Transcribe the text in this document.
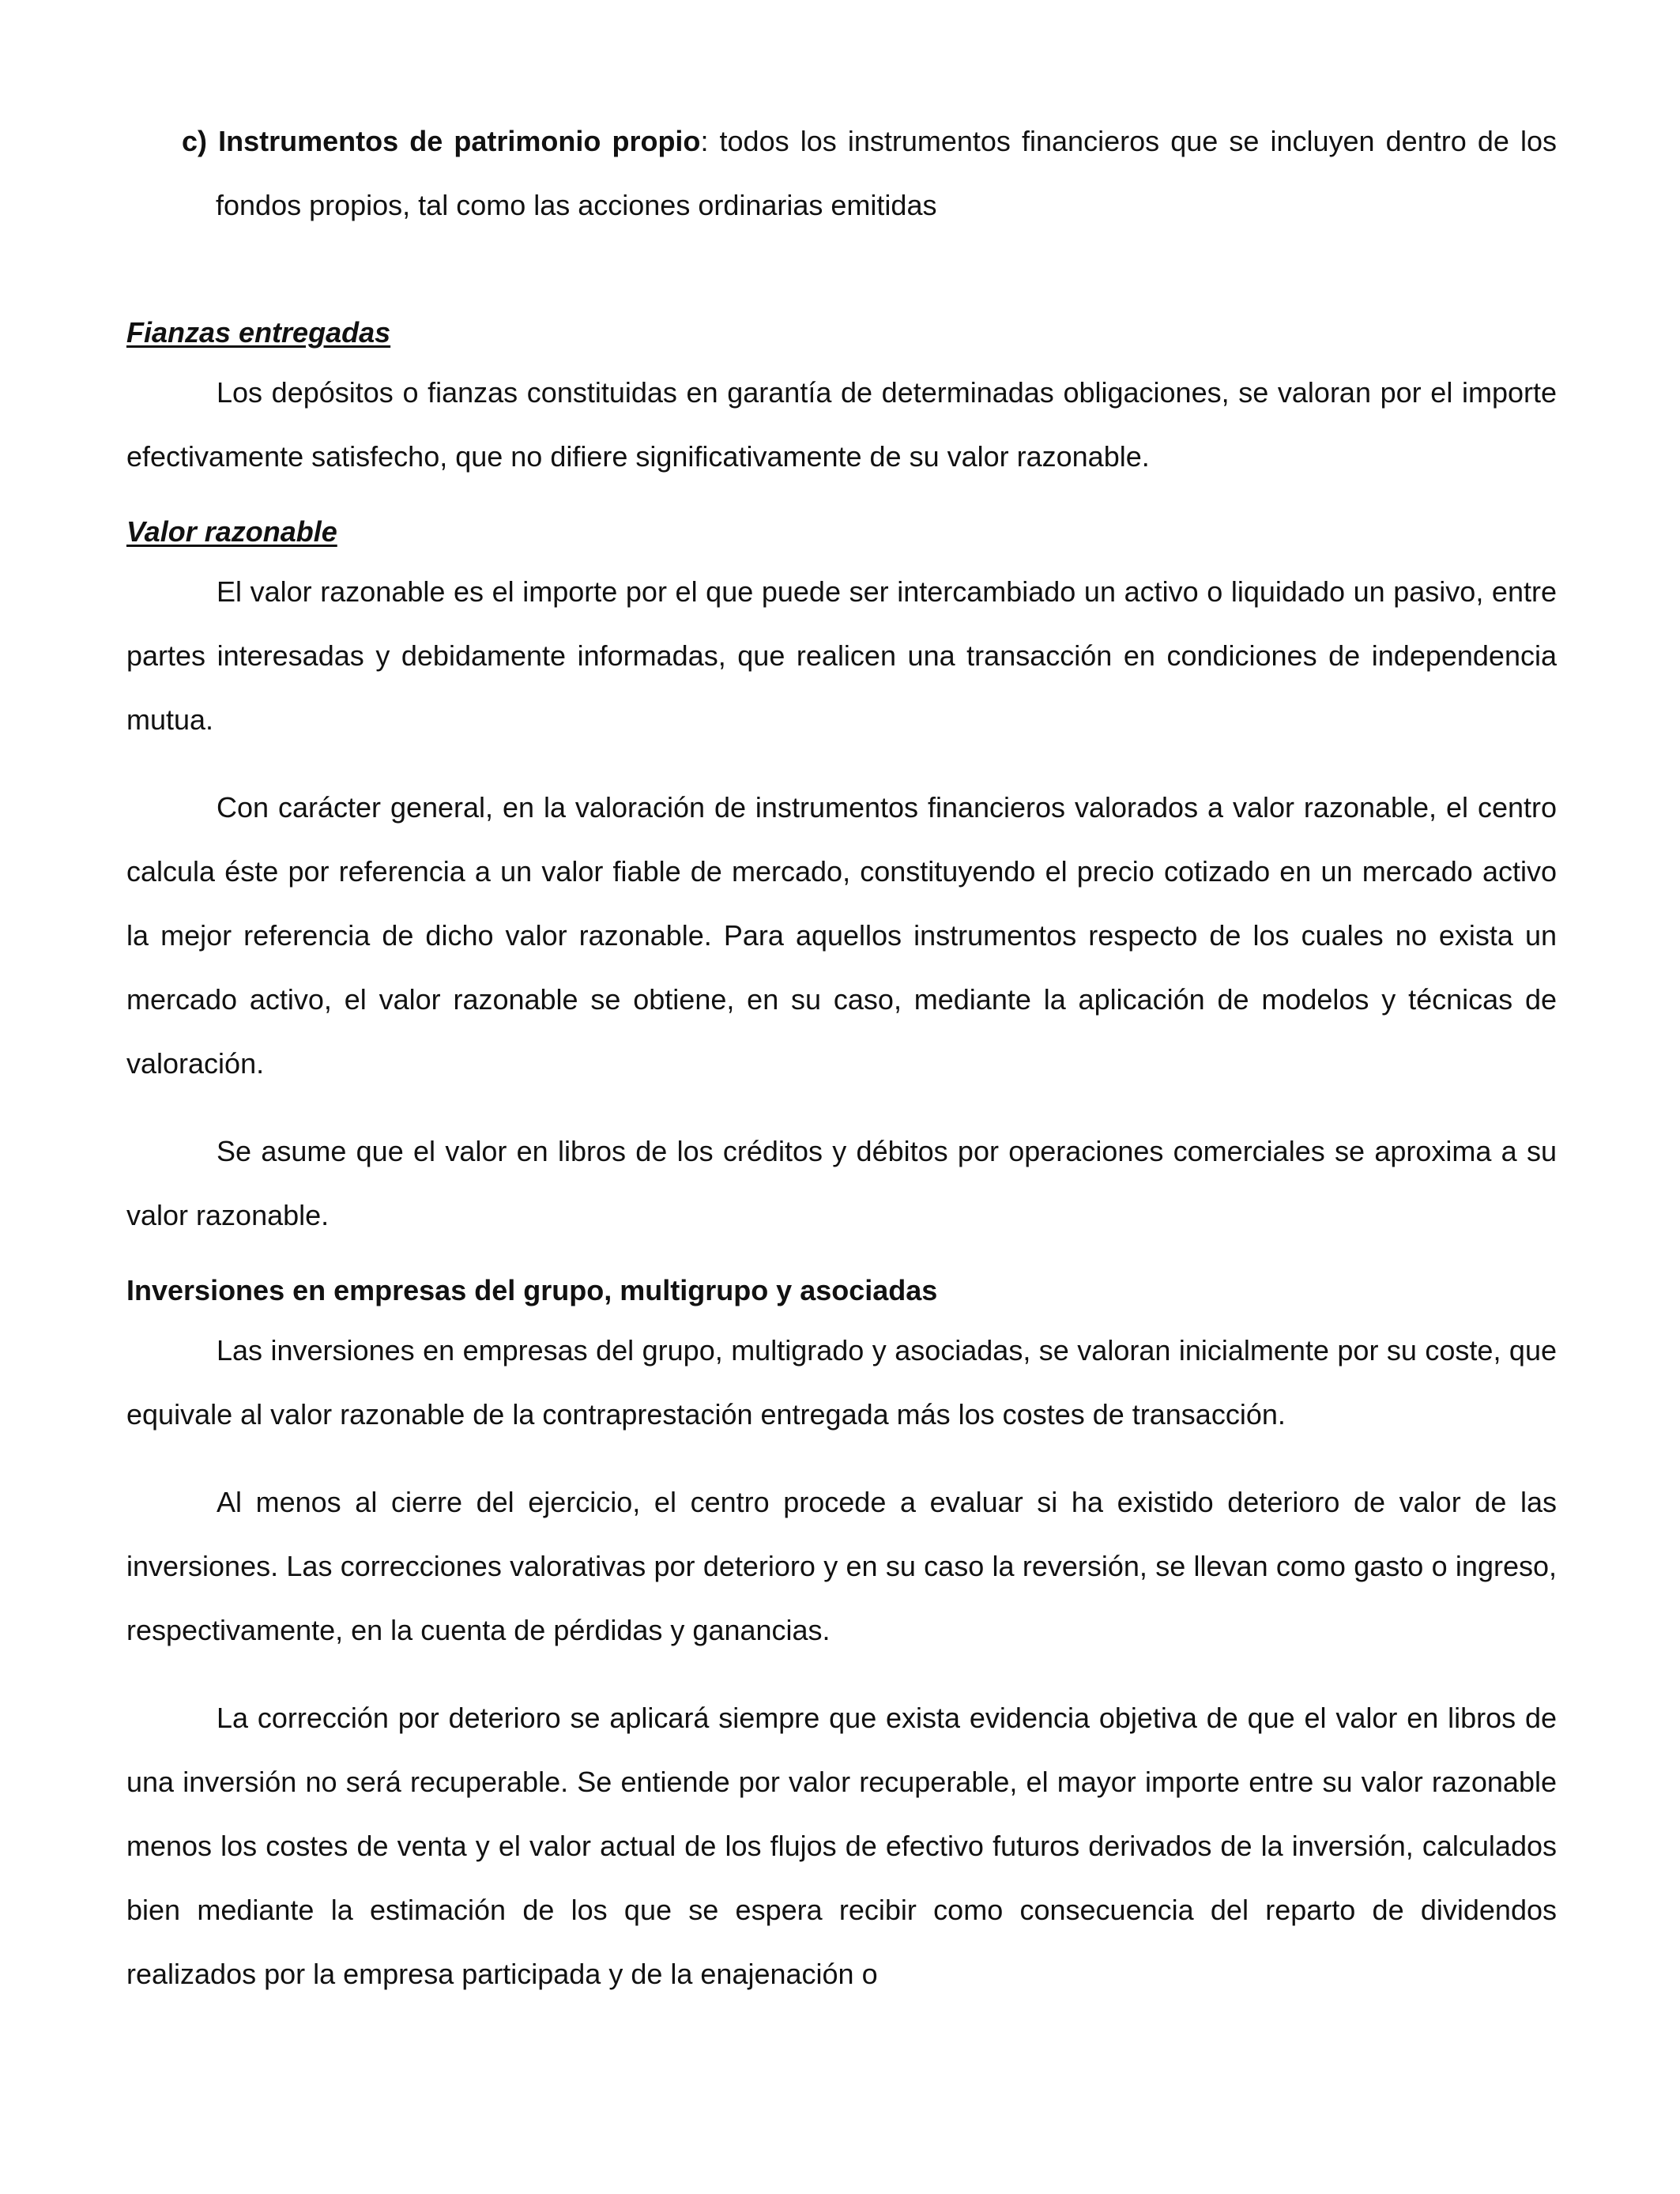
c) Instrumentos de patrimonio propio: todos los instrumentos financieros que se incluyen dentro de los fondos propios, tal como las acciones ordinarias emitidas

Fianzas entregadas

Los depósitos o fianzas constituidas en garantía de determinadas obligaciones, se valoran por el importe efectivamente satisfecho, que no difiere significativamente de su valor razonable.

Valor razonable

El valor razonable es el importe por el que puede ser intercambiado un activo o liquidado un pasivo, entre partes interesadas y debidamente informadas, que realicen una transacción en condiciones de independencia mutua.

Con carácter general, en la valoración de instrumentos financieros valorados a valor razonable, el centro calcula éste por referencia a un valor fiable de mercado, constituyendo el precio cotizado en un mercado activo la mejor referencia de dicho valor razonable. Para aquellos instrumentos respecto de los cuales no exista un mercado activo, el valor razonable se obtiene, en su caso, mediante la aplicación de modelos y técnicas de valoración.

Se asume que el valor en libros de los créditos y débitos por operaciones comerciales se aproxima a su valor razonable.

Inversiones en empresas del grupo, multigrupo y asociadas

Las inversiones en empresas del grupo, multigrado y asociadas, se valoran inicialmente por su coste, que equivale al valor razonable de la contraprestación entregada más los costes de transacción.

Al menos al cierre del ejercicio, el centro procede a evaluar si ha existido deterioro de valor de las inversiones. Las correcciones valorativas por deterioro y en su caso la reversión, se llevan como gasto o ingreso, respectivamente, en la cuenta de pérdidas y ganancias.

La corrección por deterioro se aplicará siempre que exista evidencia objetiva de que el valor en libros de una inversión no será recuperable. Se entiende por valor recuperable, el mayor importe entre su valor razonable menos los costes de venta y el valor actual de los flujos de efectivo futuros derivados de la inversión, calculados bien mediante la estimación de los que se espera recibir como consecuencia del reparto de dividendos realizados por la empresa participada y de la enajenación o
